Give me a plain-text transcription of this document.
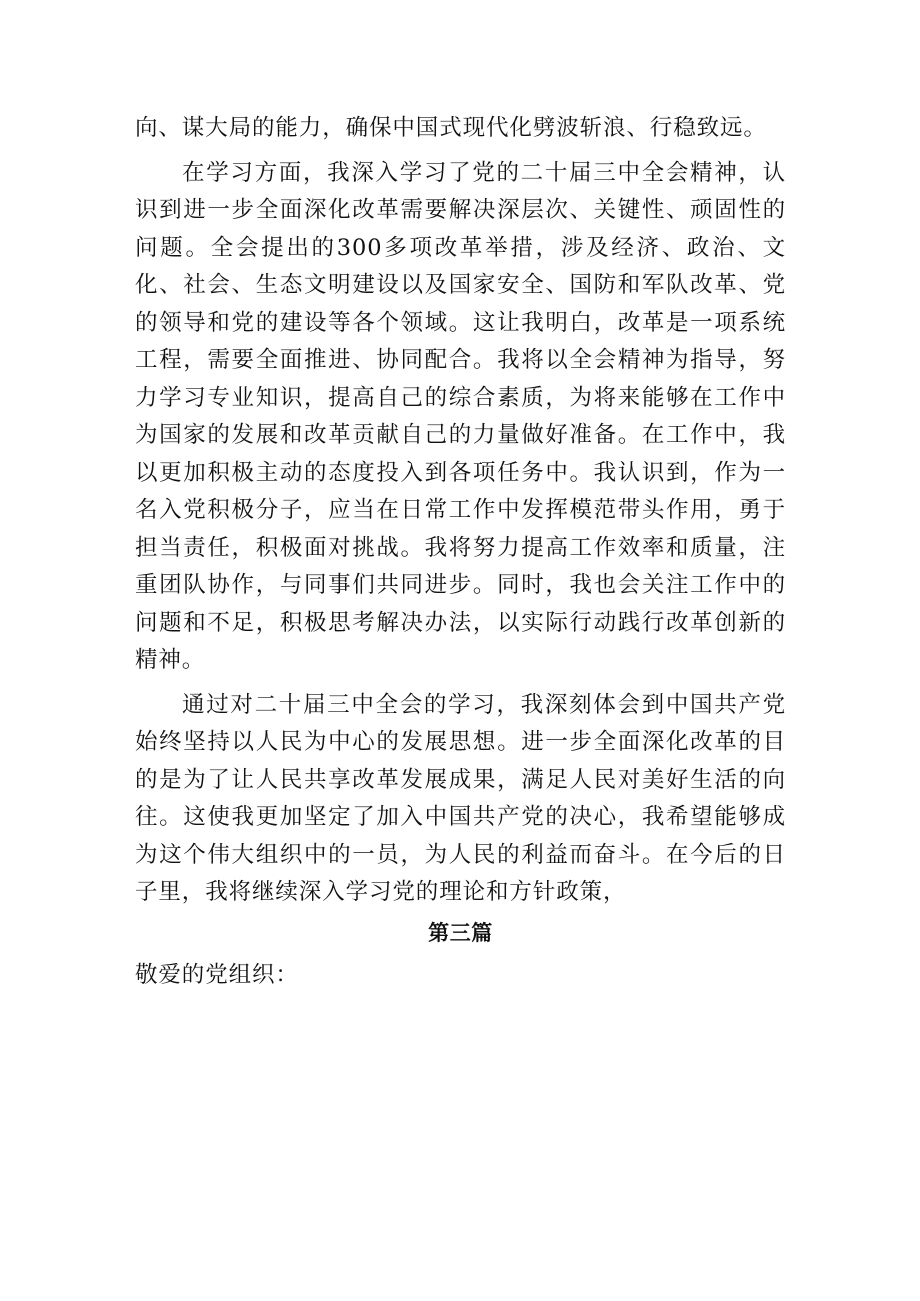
向、谋大局的能力，确保中国式现代化劈波斩浪、行稳致远。

在学习方面，我深入学习了党的二十届三中全会精神，认识到进一步全面深化改革需要解决深层次、关键性、顽固性的问题。全会提出的300多项改革举措，涉及经济、政治、文化、社会、生态文明建设以及国家安全、国防和军队改革、党的领导和党的建设等各个领域。这让我明白，改革是一项系统工程，需要全面推进、协同配合。我将以全会精神为指导，努力学习专业知识，提高自己的综合素质，为将来能够在工作中为国家的发展和改革贡献自己的力量做好准备。在工作中，我以更加积极主动的态度投入到各项任务中。我认识到，作为一名入党积极分子，应当在日常工作中发挥模范带头作用，勇于担当责任，积极面对挑战。我将努力提高工作效率和质量，注重团队协作，与同事们共同进步。同时，我也会关注工作中的问题和不足，积极思考解决办法，以实际行动践行改革创新的精神。

通过对二十届三中全会的学习，我深刻体会到中国共产党始终坚持以人民为中心的发展思想。进一步全面深化改革的目的是为了让人民共享改革发展成果，满足人民对美好生活的向往。这使我更加坚定了加入中国共产党的决心，我希望能够成为这个伟大组织中的一员，为人民的利益而奋斗。在今后的日子里，我将继续深入学习党的理论和方针政策，

第三篇
敬爱的党组织：
